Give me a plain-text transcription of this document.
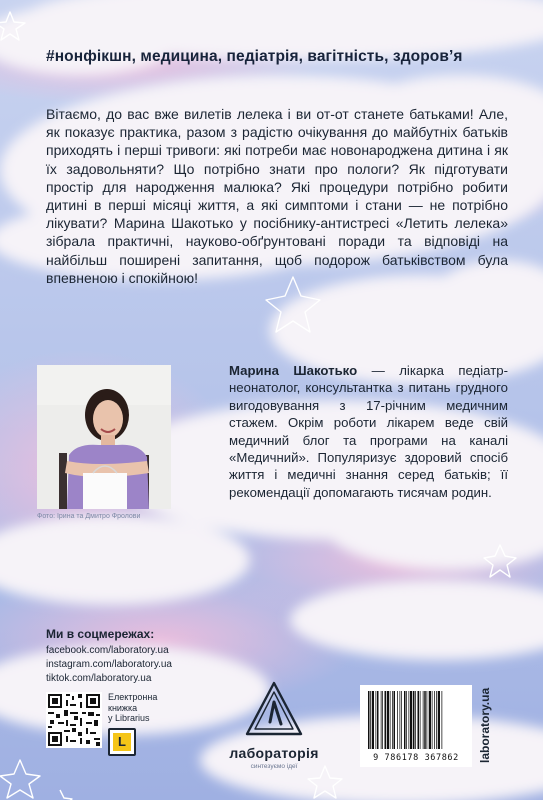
#нонфікшн, медицина, педіатрія, вагітність, здоров’я

Вітаємо, до вас вже вилетів лелека і ви от-от станете батьками! Але, як показує практика, разом з радістю очікування до майбутніх батьків приходять і перші тривоги: які потреби має новонароджена дитина і як їх задовольняти? Що потрібно знати про пологи? Як підготувати простір для народження малюка? Які процедури потрібно робити дитині в перші місяці життя, а які симптоми і стани — не потрібно лікувати? Марина Шакотько у посібнику-антистресі «Летить лелека» зібрала практичні, науково-обґрунтовані поради та відповіді на найбільш поширені запитання, щоб подорож батьківством була впевненою і спокійною!

Фото: Ірина та Дмитро Фролови
Марина Шакотько — лікарка педіатр-неонатолог, консультантка з питань грудного вигодовування з 17-річним медичним стажем. Окрім роботи лікарем веде свій медичний блог та програми на каналі «Медичний». Популяризує здоровий спосіб життя і медичні знання серед батьків; її рекомендації допомагають тисячам родин.
Ми в соцмережах:
facebook.com/laboratory.ua
instagram.com/laboratory.ua
tiktok.com/laboratory.ua
Електронна
книжка
у Librarius
L
лабораторія
синтезуємо ідеї
9 786178 367862	laboratory.ua
